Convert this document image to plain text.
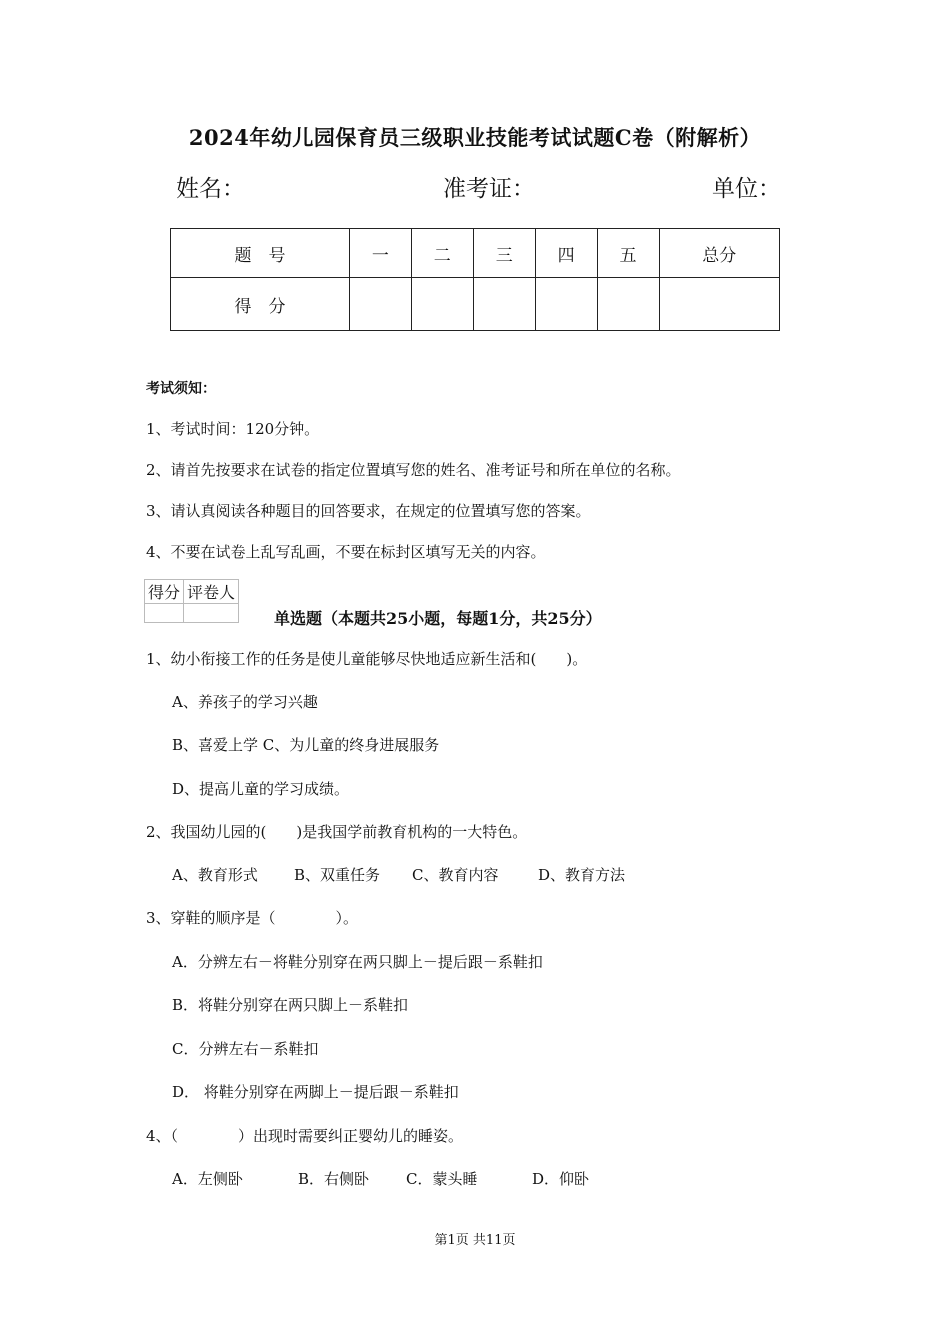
2024年幼儿园保育员三级职业技能考试试题C卷（附解析）
姓名：	准考证：	单位：
题　号	一	二	三	四	五	总分
得　分						
考试须知：
1、考试时间：120分钟。
2、请首先按要求在试卷的指定位置填写您的姓名、准考证号和所在单位的名称。
3、请认真阅读各种题目的回答要求，在规定的位置填写您的答案。
4、不要在试卷上乱写乱画，不要在标封区填写无关的内容。
得分	评卷人

单选题（本题共25小题，每题1分，共25分）
1、幼小衔接工作的任务是使儿童能够尽快地适应新生活和(　　)。
A、养孩子的学习兴趣
B、喜爱上学 C、为儿童的终身进展服务
D、提高儿童的学习成绩。
2、我国幼儿园的(　　)是我国学前教育机构的一大特色。
A、教育形式 B、双重任务 C、教育内容	D、教育方法
3、穿鞋的顺序是（　　　　）。
A．分辨左右－将鞋分别穿在两只脚上－提后跟－系鞋扣
B．将鞋分别穿在两只脚上－系鞋扣
C．分辨左右－系鞋扣
D． 将鞋分别穿在两脚上－提后跟－系鞋扣
4、（　　　　）出现时需要纠正婴幼儿的睡姿。
A．左侧卧	B．右侧卧 C．蒙头睡	D．仰卧
第1页 共11页
